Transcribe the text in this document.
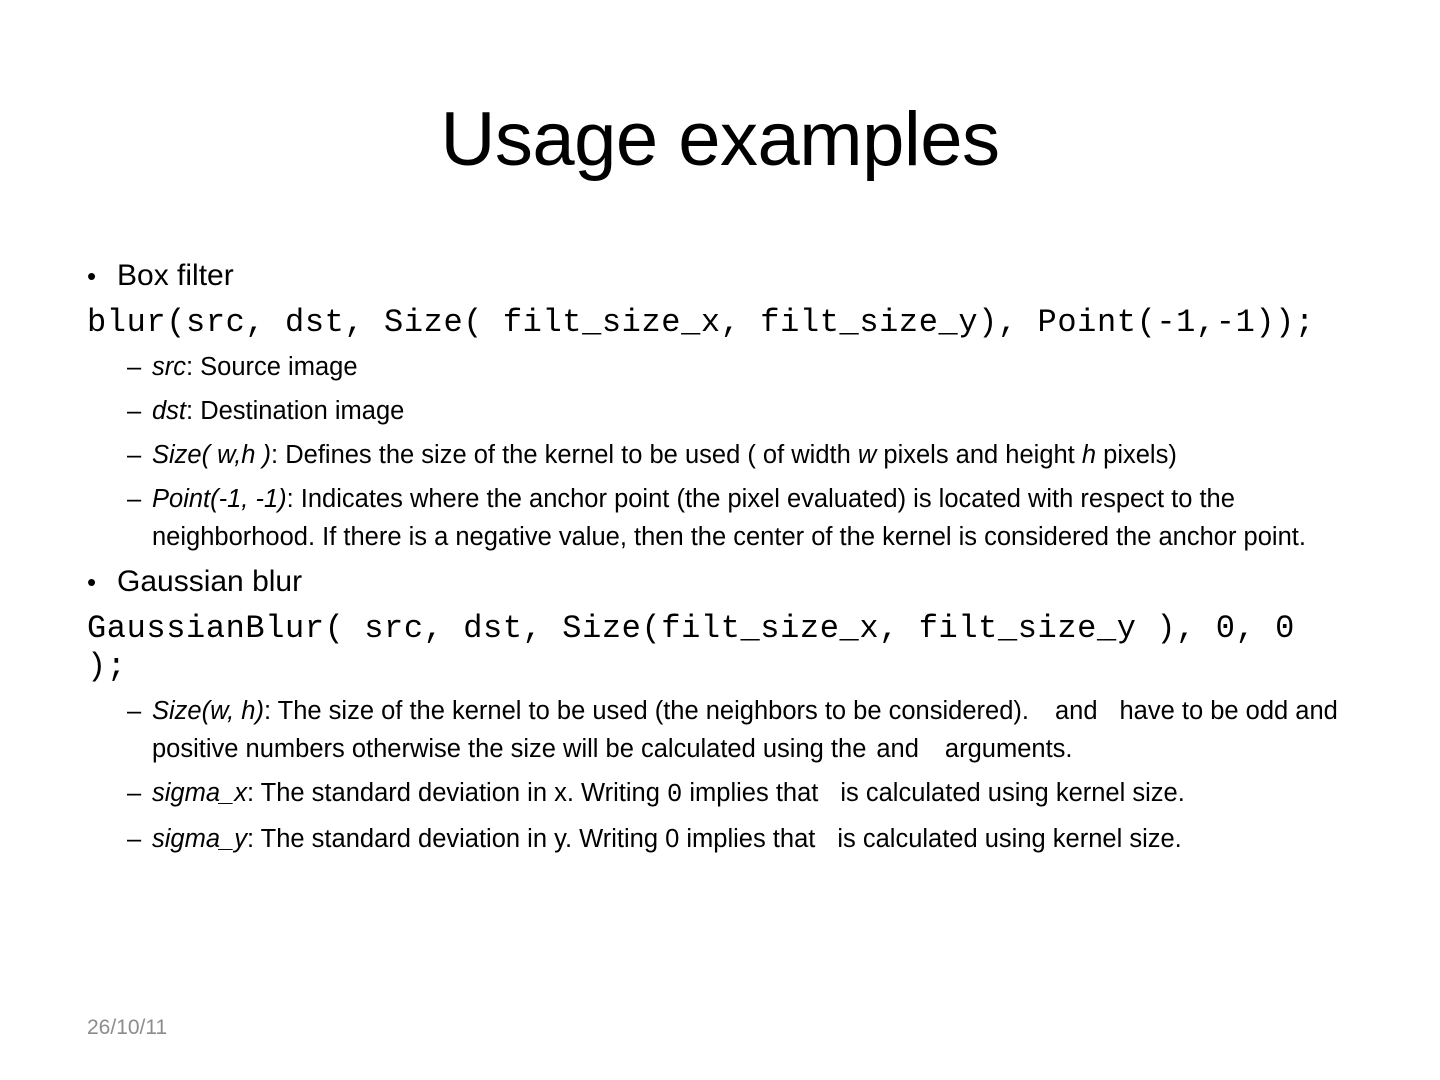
Usage examples
• Box filter
blur(src, dst, Size( filt_size_x, filt_size_y), Point(-1,-1));
– src: Source image
– dst: Destination image
– Size( w,h ): Defines the size of the kernel to be used ( of width w pixels and height h pixels)
– Point(-1, -1): Indicates where the anchor point (the pixel evaluated) is located with respect to the neighborhood. If there is a negative value, then the center of the kernel is considered the anchor point.
• Gaussian blur
GaussianBlur( src, dst, Size(filt_size_x, filt_size_y ), 0, 0 );
– Size(w, h): The size of the kernel to be used (the neighbors to be considered). and have to be odd and positive numbers otherwise the size will be calculated using the and arguments.
– sigma_x: The standard deviation in x. Writing 0 implies that is calculated using kernel size.
– sigma_y: The standard deviation in y. Writing 0 implies that is calculated using kernel size.
26/10/11
